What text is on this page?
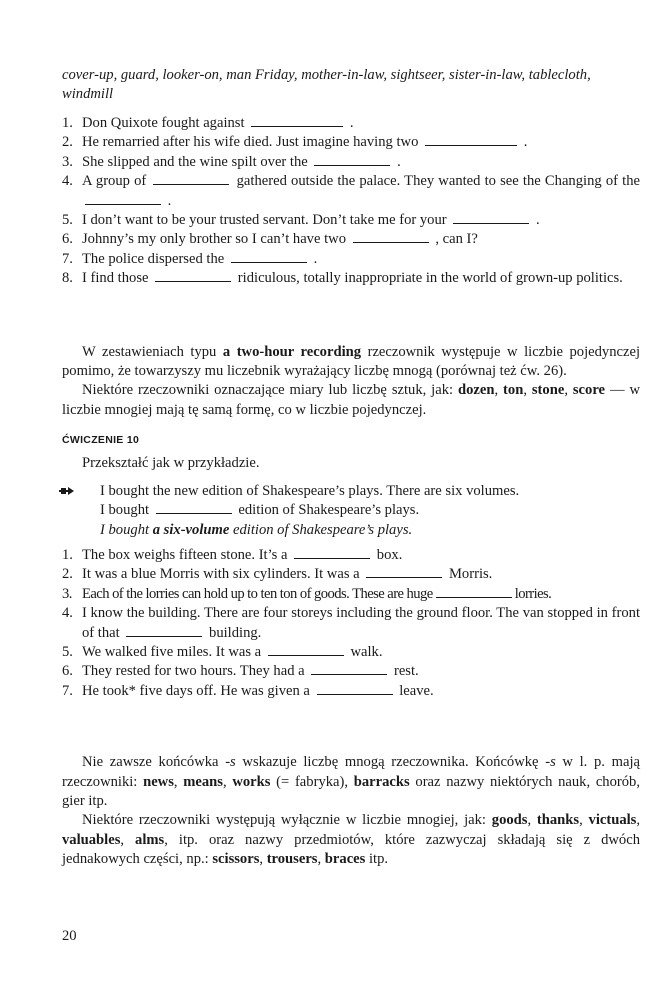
cover-up, guard, looker-on, man Friday, mother-in-law, sightseer, sister-in-law, tablecloth, windmill

1. Don Quixote fought against	.
2. He remarried after his wife died. Just imagine having two	.
3. She slipped and the wine spilt over the	.
4. A group of	gathered outside the palace. They wanted to see the Changing of the  .
5. I don’t want to be your trusted servant. Don’t take me for your	.
6. Johnny’s my only brother so I can’t have two	, can I?
7. The police dispersed the	.
8. I find those	ridiculous, totally inappropriate in the world of grown-up politics.

W zestawieniach typu a two-hour recording rzeczownik występuje w liczbie pojedynczej pomimo, że towarzyszy mu liczebnik wyrażający liczbę mnogą (porównaj też ćw. 26).

Niektóre rzeczowniki oznaczające miary lub liczbę sztuk, jak: dozen, ton, stone, score — w liczbie mnogiej mają tę samą formę, co w liczbie pojedynczej.

ĆWICZENIE 10

Przekształć jak w przykładzie.

I bought the new edition of Shakespeare’s plays. There are six volumes.
I bought	edition of Shakespeare’s plays.
I bought a six-volume edition of Shakespeare’s plays.
1. The box weighs fifteen stone. It’s a	box.
2. It was a blue Morris with six cylinders. It was a	Morris.
3. Each of the lorries can hold up to ten ton of goods. These are huge	lorries.
4. I know the building. There are four storeys including the ground floor. The van stopped in front of that	building.
5. We walked five miles. It was a	walk.
6. They rested for two hours. They had a	rest.
7. He took* five days off. He was given a	leave.

Nie zawsze końcówka -s wskazuje liczbę mnogą rzeczownika. Końcówkę -s w l. p. mają rzeczowniki: news, means, works (= fabryka), barracks oraz nazwy niektórych nauk, chorób, gier itp.

Niektóre rzeczowniki występują wyłącznie w liczbie mnogiej, jak: goods, thanks, victuals, valuables, alms, itp. oraz nazwy przedmiotów, które zazwyczaj składają się z dwóch jednakowych części, np.: scissors, trousers, braces itp.

20
